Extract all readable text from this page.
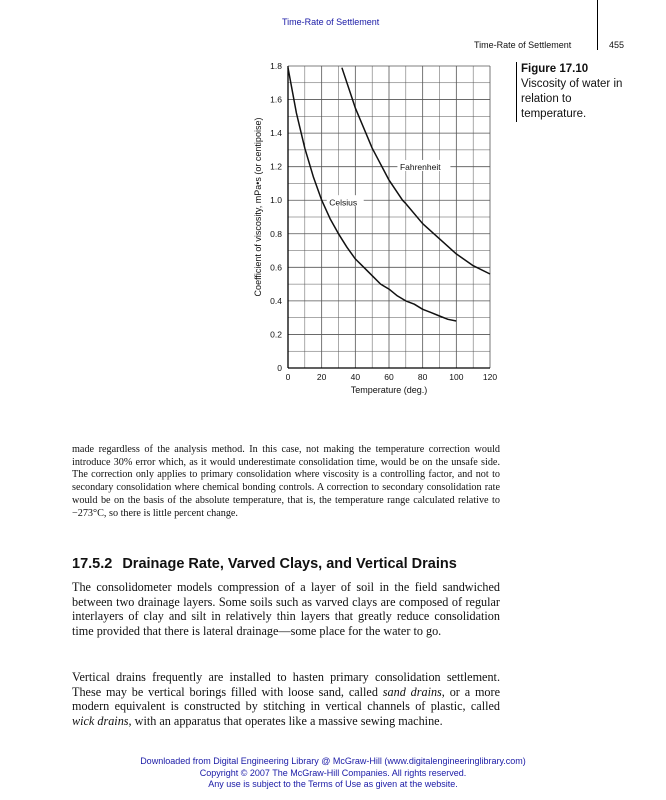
Time-Rate of Settlement
Time-Rate of Settlement	455
0	20	40	60	80	100 120
0
0.2
0.4
0.6
0.8
1.0
1.2
1.4
1.6
1.8
Temperature (deg.)
Coefficient of viscosity, mPa•s (or centipoise)	Celsius
Fahrenheit
Figure 17.10
Viscosity of water in relation to temperature.

made regardless of the analysis method. In this case, not making the temperature correction would introduce 30% error which, as it would underestimate consolidation time, would be on the unsafe side. The correction only applies to primary consolidation where viscosity is a controlling factor, and not to secondary consolidation where chemical bonding controls. A correction to secondary consolidation rate would be on the basis of the absolute temperature, that is, the temperature range calculated relative to −273°C, so there is little percent change.

17.5.2 Drainage Rate, Varved Clays, and Vertical Drains

The consolidometer models compression of a layer of soil in the field sandwiched between two drainage layers. Some soils such as varved clays are composed of regular interlayers of clay and silt in relatively thin layers that greatly reduce consolidation time provided that there is lateral drainage—some place for the water to go.

Vertical drains frequently are installed to hasten primary consolidation settlement. These may be vertical borings filled with loose sand, called sand drains, or a more modern equivalent is constructed by stitching in vertical channels of plastic, called wick drains, with an apparatus that operates like a massive sewing machine.

Downloaded from Digital Engineering Library @ McGraw-Hill (www.digitalengineeringlibrary.com)
Copyright © 2007 The McGraw-Hill Companies. All rights reserved.
Any use is subject to the Terms of Use as given at the website.
